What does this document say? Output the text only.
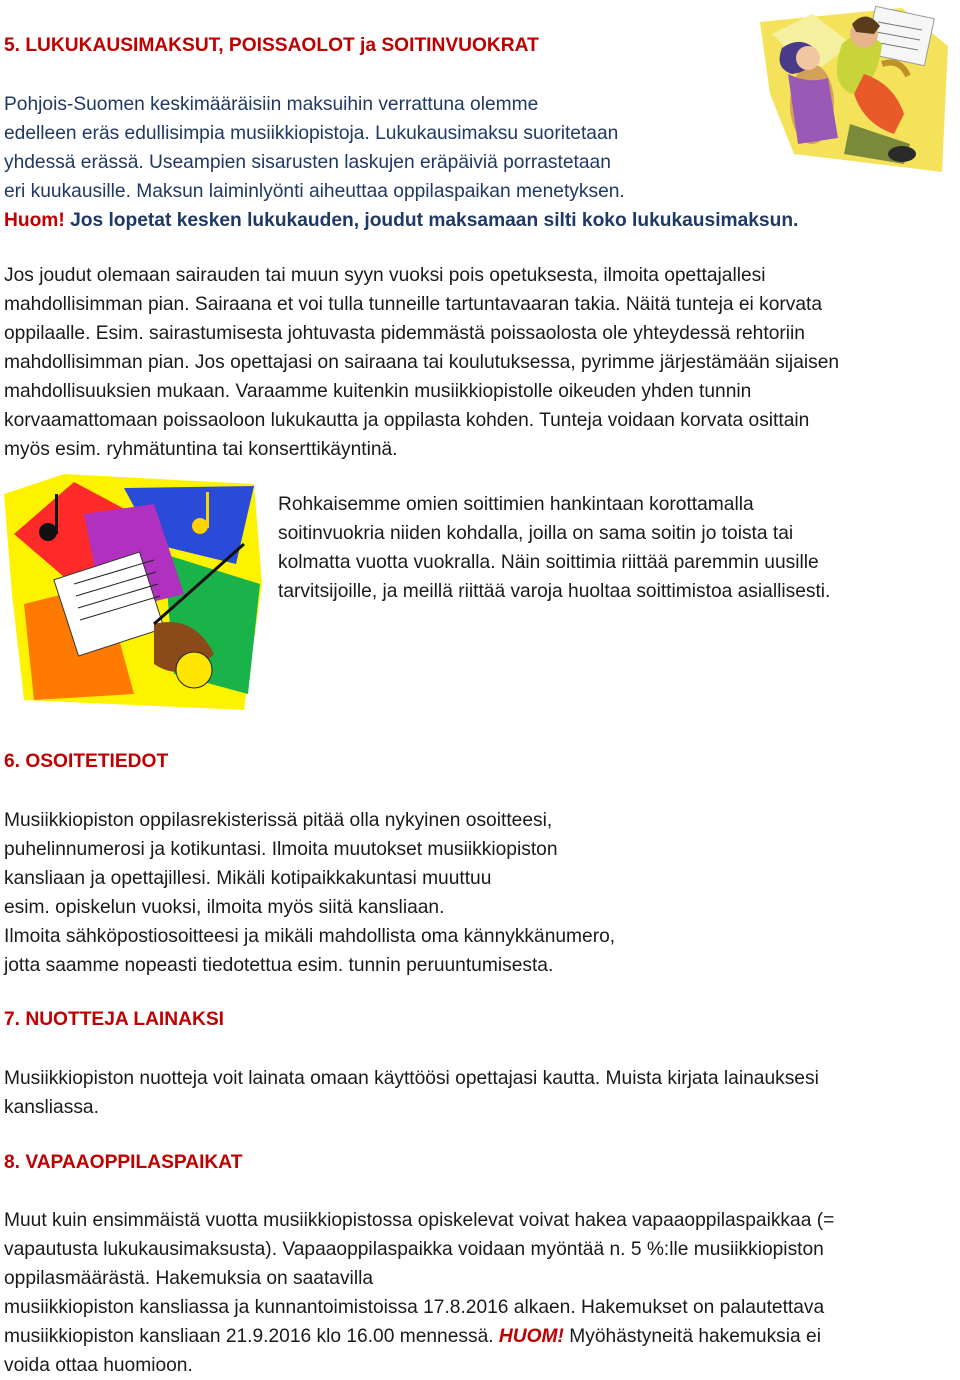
5. LUKUKAUSIMAKSUT, POISSAOLOT ja SOITINVUOKRAT
Pohjois-Suomen keskimääräisiin maksuihin verrattuna olemme
edelleen eräs edullisimpia musiikkiopistoja. Lukukausimaksu suoritetaan
yhdessä erässä. Useampien sisarusten laskujen eräpäiviä porrastetaan
eri kuukausille. Maksun laiminlyönti aiheuttaa oppilaspaikan menetyksen.
Huom! Jos lopetat kesken lukukauden, joudut maksamaan silti koko lukukausimaksun.
Jos joudut olemaan sairauden tai muun syyn vuoksi pois opetuksesta, ilmoita opettajallesi
mahdollisimman pian. Sairaana et voi tulla tunneille tartuntavaaran takia. Näitä tunteja ei korvata
oppilaalle. Esim. sairastumisesta johtuvasta pidemmästä poissaolosta ole yhteydessä rehtoriin
mahdollisimman pian. Jos opettajasi on sairaana tai koulutuksessa, pyrimme järjestämään sijaisen
mahdollisuuksien mukaan. Varaamme kuitenkin musiikkiopistolle oikeuden yhden tunnin
korvaamattomaan poissaoloon lukukautta ja oppilasta kohden. Tunteja voidaan korvata osittain
myös esim. ryhmätuntina tai konserttikäyntinä.
Rohkaisemme omien soittimien hankintaan korottamalla
soitinvuokria niiden kohdalla, joilla on sama soitin jo toista tai
kolmatta vuotta vuokralla. Näin soittimia riittää paremmin uusille
tarvitsijoille, ja meillä riittää varoja huoltaa soittimistoa asiallisesti.
6. OSOITETIEDOT
Musiikkiopiston oppilasrekisterissä pitää olla nykyinen osoitteesi,
puhelinnumerosi ja kotikuntasi. Ilmoita muutokset musiikkiopiston
kansliaan ja opettajillesi. Mikäli kotipaikkakuntasi muuttuu
esim. opiskelun vuoksi, ilmoita myös siitä kansliaan.
Ilmoita sähköpostiosoitteesi ja mikäli mahdollista oma kännykkänumero,
jotta saamme nopeasti tiedotettua esim. tunnin peruuntumisesta.
7. NUOTTEJA LAINAKSI
Musiikkiopiston nuotteja voit lainata omaan käyttöösi opettajasi kautta. Muista kirjata lainauksesi
kansliassa.
8. VAPAAOPPILASPAIKAT
Muut kuin ensimmäistä vuotta musiikkiopistossa opiskelevat voivat hakea vapaaoppilaspaikkaa (=
vapautusta lukukausimaksusta). Vapaaoppilaspaikka voidaan myöntää n. 5 %:lle musiikkiopiston
oppilasmäärästä. Hakemuksia on saatavilla
musiikkiopiston kansliassa ja kunnantoimistoissa 17.8.2016 alkaen. Hakemukset on palautettava
musiikkiopiston kansliaan 21.9.2016 klo 16.00 mennessä. HUOM! Myöhästyneitä hakemuksia ei
voida ottaa huomioon.
